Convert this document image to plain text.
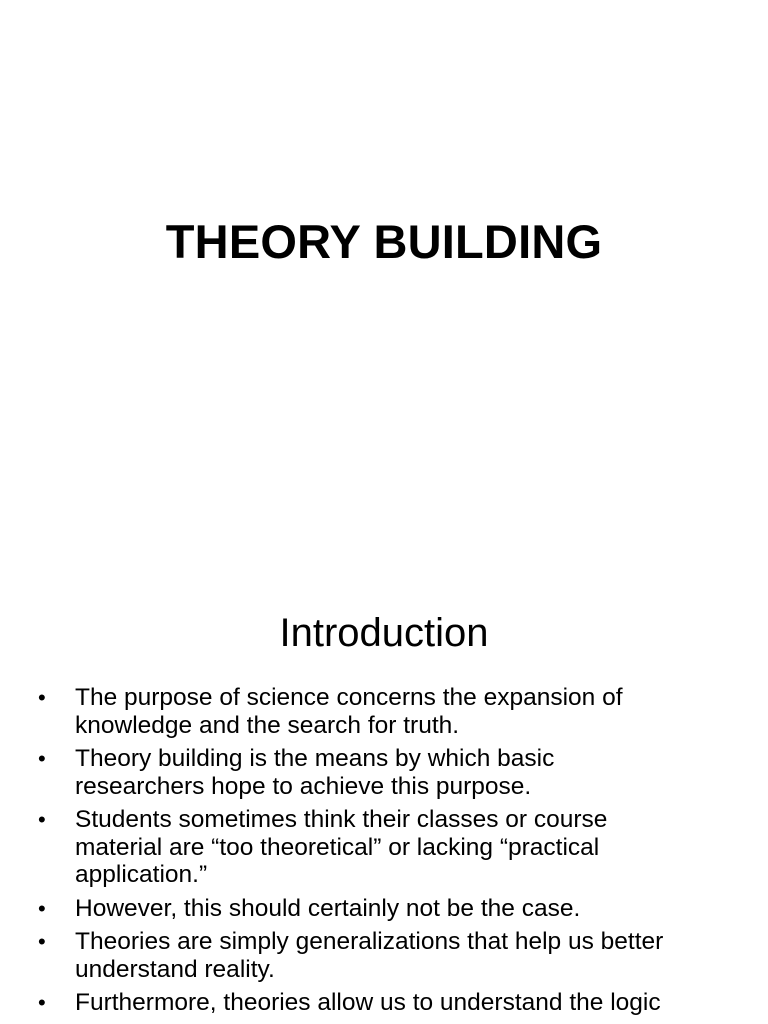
THEORY BUILDING
Introduction
•	The purpose of science concerns the expansion of
knowledge and the search for truth.
•	Theory building is the means by which basic
researchers hope to achieve this purpose.
•	Students sometimes think their classes or course
material are “too theoretical” or lacking “practical
application.”
•	However, this should certainly not be the case.
•	Theories are simply generalizations that help us better
understand reality.
•	Furthermore, theories allow us to understand the logic
